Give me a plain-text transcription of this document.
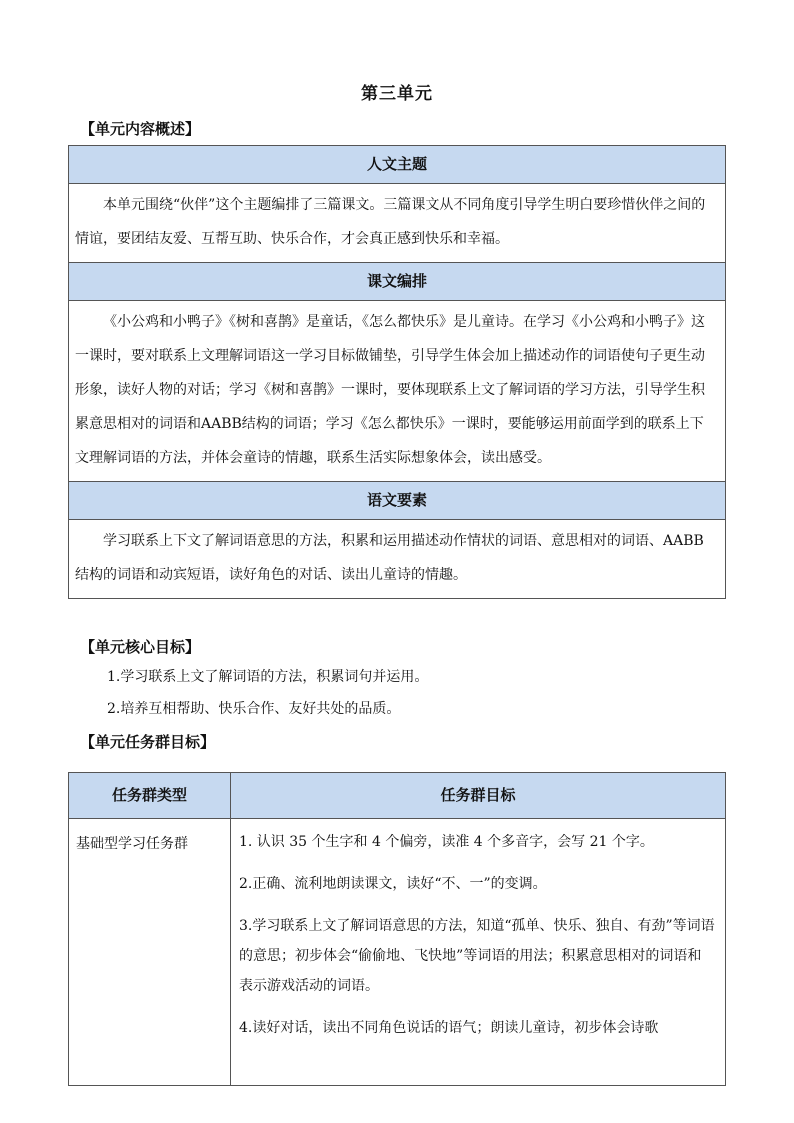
第三单元
【单元内容概述】
人文主题
本单元围绕“伙伴”这个主题编排了三篇课文。三篇课文从不同角度引导学生明白要珍惜伙伴之间的情谊，要团结友爱、互帮互助、快乐合作，才会真正感到快乐和幸福。
课文编排
《小公鸡和小鸭子》《树和喜鹊》是童话，《怎么都快乐》是儿童诗。在学习《小公鸡和小鸭子》这一课时，要对联系上文理解词语这一学习目标做铺垫，引导学生体会加上描述动作的词语使句子更生动形象，读好人物的对话；学习《树和喜鹊》一课时，要体现联系上文了解词语的学习方法，引导学生积累意思相对的词语和AABB结构的词语；学习《怎么都快乐》一课时，要能够运用前面学到的联系上下文理解词语的方法，并体会童诗的情趣，联系生活实际想象体会，读出感受。
语文要素
学习联系上下文了解词语意思的方法，积累和运用描述动作情状的词语、意思相对的词语、AABB结构的词语和动宾短语，读好角色的对话、读出儿童诗的情趣。
【单元核心目标】
1.学习联系上文了解词语的方法，积累词句并运用。
2.培养互相帮助、快乐合作、友好共处的品质。
【单元任务群目标】
任务群类型	任务群目标
基础型学习任务群	1. 认识 35 个生字和 4 个偏旁，读准 4 个多音字，会写 21 个字。

2.正确、流利地朗读课文，读好“不、一”的变调。

3.学习联系上文了解词语意思的方法，知道“孤单、快乐、独自、有劲”等词语的意思；初步体会“偷偷地、飞快地”等词语的用法；积累意思相对的词语和表示游戏活动的词语。

4.读好对话，读出不同角色说话的语气；朗读儿童诗，初步体会诗歌
